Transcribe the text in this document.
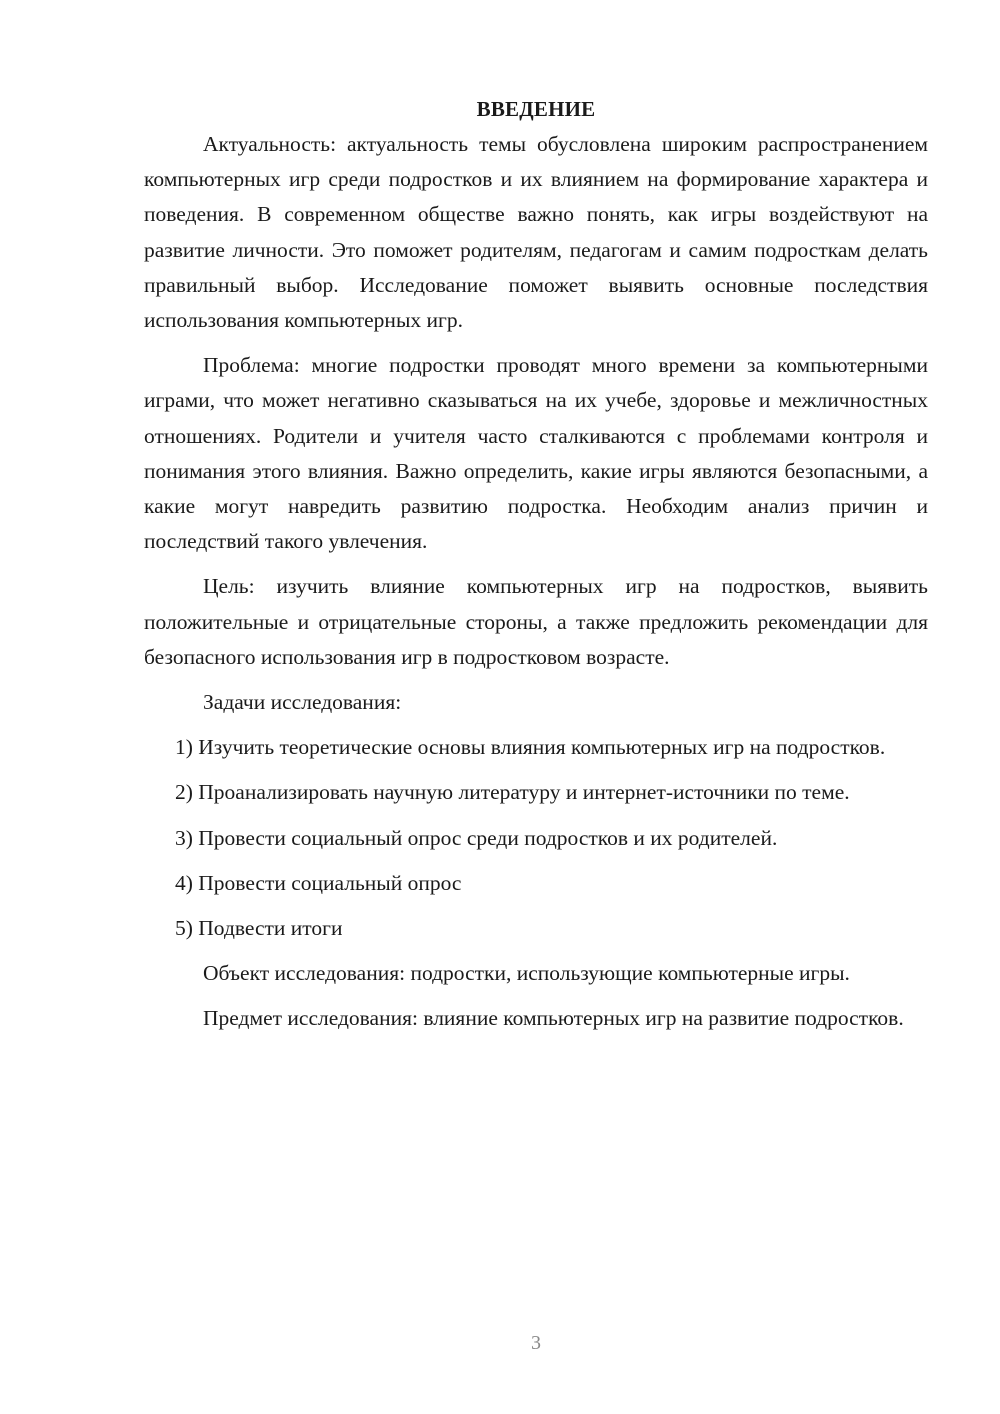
ВВЕДЕНИЕ

Актуальность: актуальность темы обусловлена широким распространением компьютерных игр среди подростков и их влиянием на формирование характера и поведения. В современном обществе важно понять, как игры воздействуют на развитие личности. Это поможет родителям, педагогам и самим подросткам делать правильный выбор. Исследование поможет выявить основные последствия использования компьютерных игр.

Проблема: многие подростки проводят много времени за компьютерными играми, что может негативно сказываться на их учебе, здоровье и межличностных отношениях. Родители и учителя часто сталкиваются с проблемами контроля и понимания этого влияния. Важно определить, какие игры являются безопасными, а какие могут навредить развитию подростка. Необходим анализ причин и последствий такого увлечения.

Цель: изучить влияние компьютерных игр на подростков, выявить положительные и отрицательные стороны, а также предложить рекомендации для безопасного использования игр в подростковом возрасте.

Задачи исследования:

1) Изучить теоретические основы влияния компьютерных игр на подростков.

2) Проанализировать научную литературу и интернет-источники по теме.

3) Провести социальный опрос среди подростков и их родителей.

4) Провести социальный опрос

5) Подвести итоги

Объект исследования: подростки, использующие компьютерные игры.

Предмет исследования: влияние компьютерных игр на развитие подростков.

3
